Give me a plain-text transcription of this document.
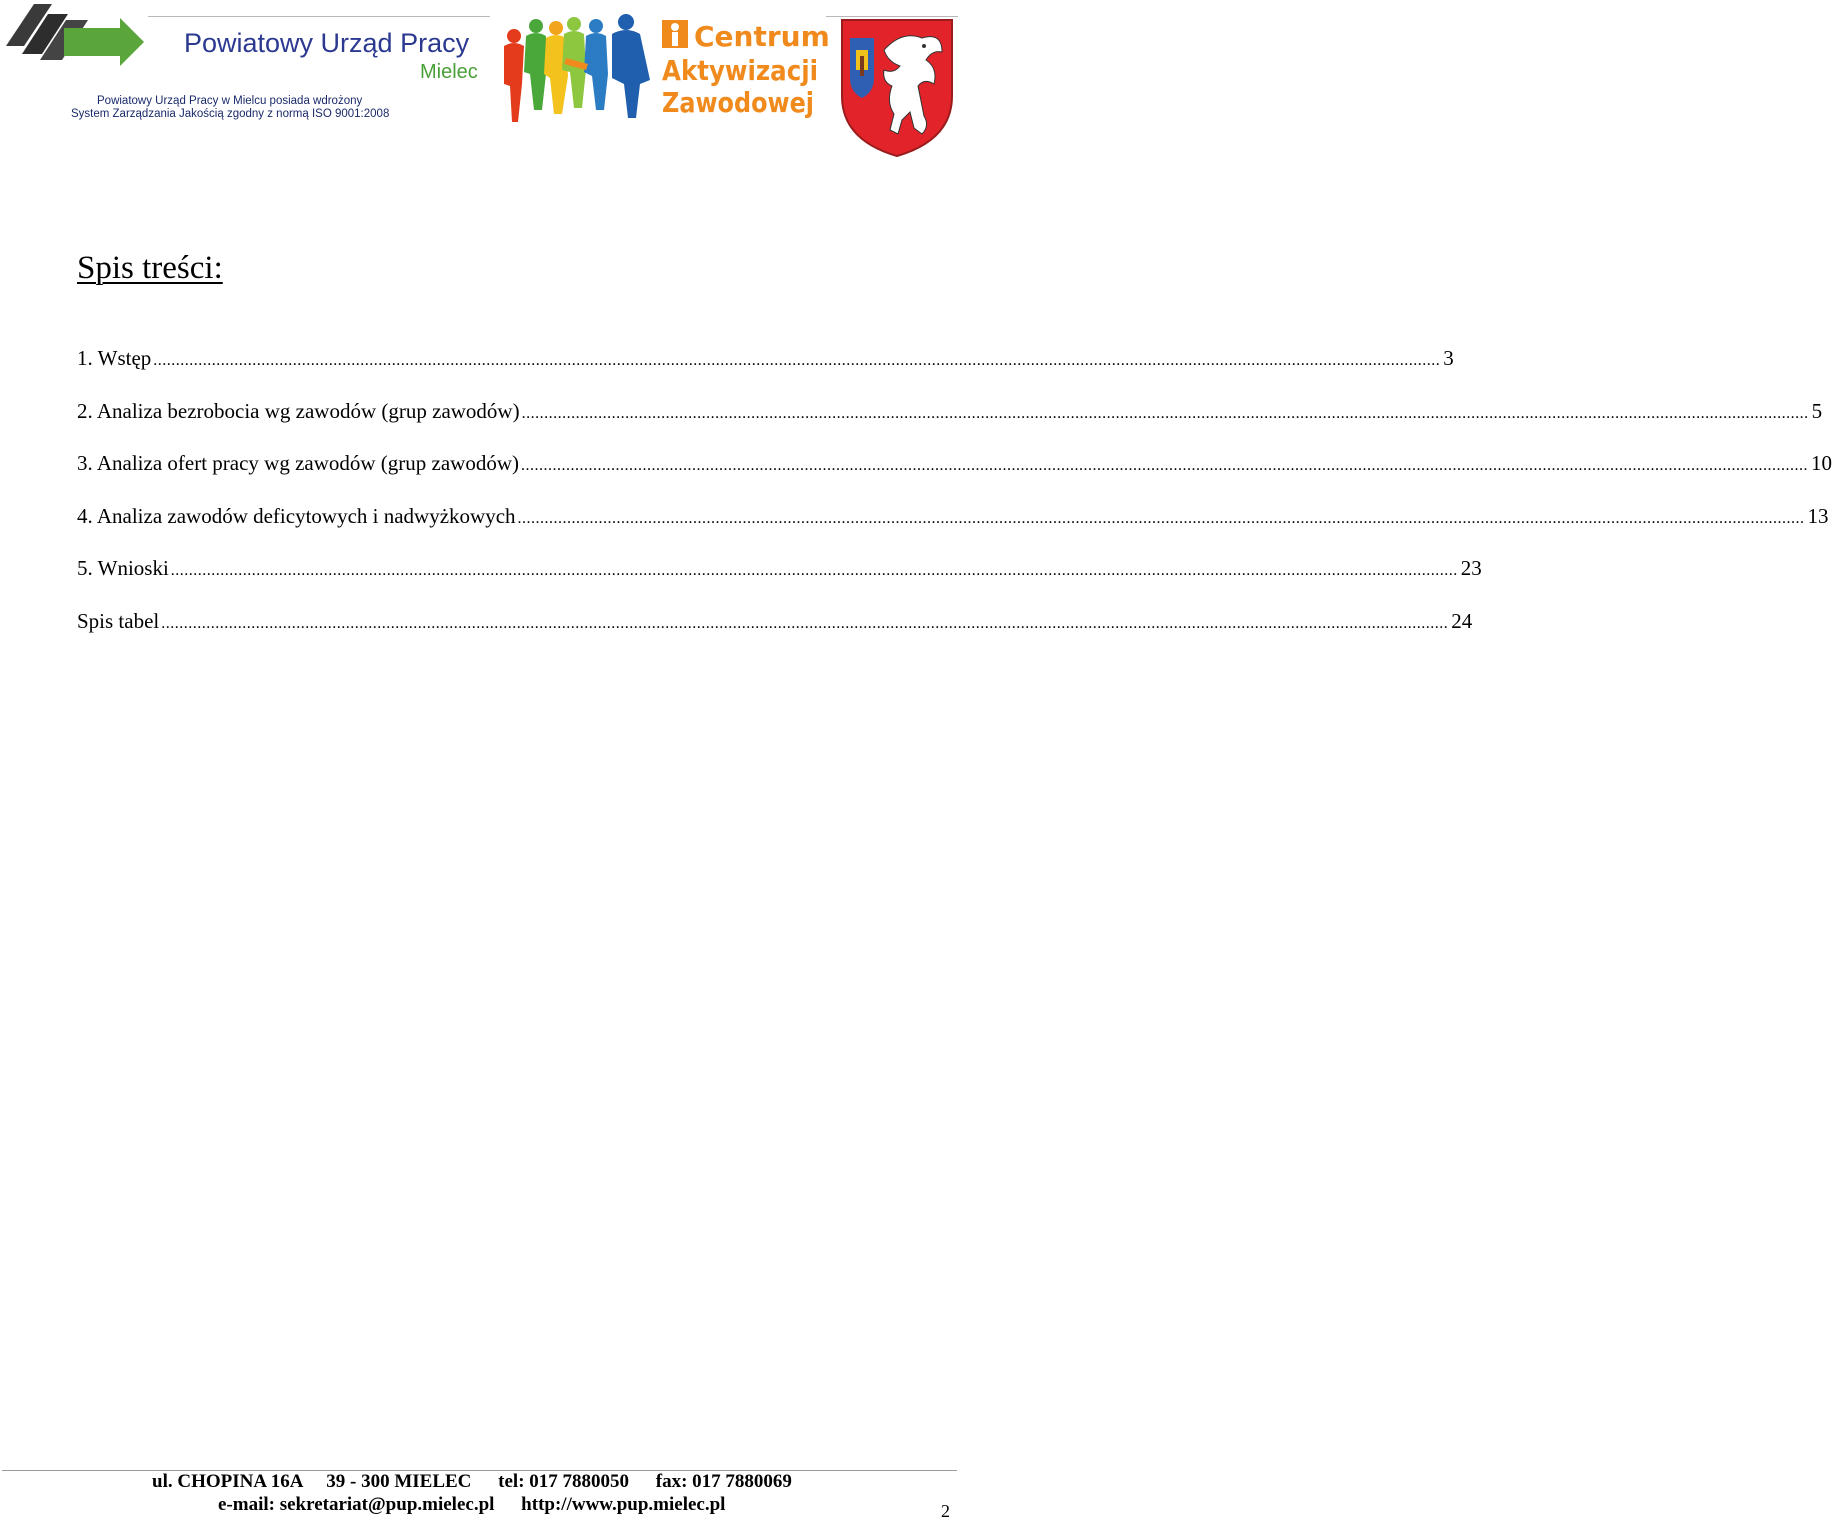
Powiatowy Urząd Pracy
Mielec
Powiatowy Urząd Pracy w Mielcu posiada wdrożony
System Zarządzania Jakością zgodny z normą ISO 9001:2008
Centrum
Aktywizacji
Zawodowej
Spis treści:
1. Wstęp .....	3
2. Analiza bezrobocia wg zawodów (grup zawodów) .....	5
3. Analiza ofert pracy wg zawodów (grup zawodów) .....	10
4. Analiza zawodów deficytowych i nadwyżkowych .....	13
5. Wnioski .....	23
Spis tabel .....	24
ul. CHOPINA 16A 39 - 300 MIELEC tel: 017 7880050 fax: 017 7880069
e-mail: sekretariat@pup.mielec.pl http://www.pup.mielec.pl	2
